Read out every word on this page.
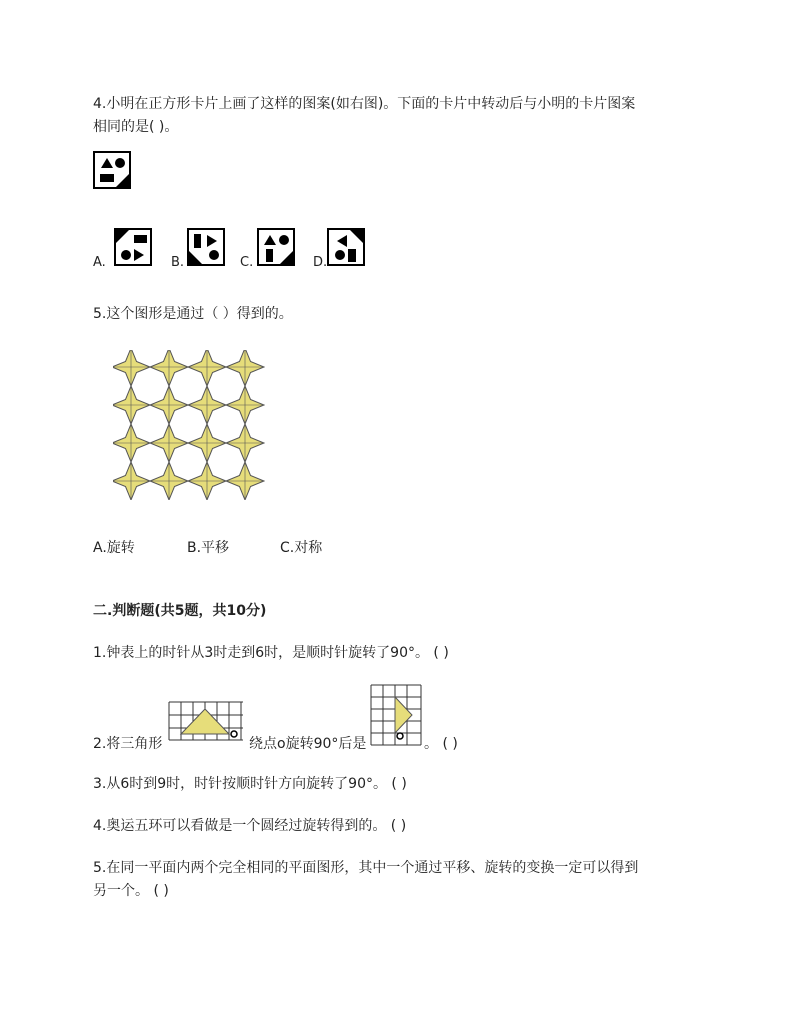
4.小明在正方形卡片上画了这样的图案(如右图)。下面的卡片中转动后与小明的卡片图案
相同的是( )。
A.	B.	C.	D.
5.这个图形是通过（ ）得到的。
A.旋转	B.平移	C.对称
二.判断题(共5题，共10分)
1.钟表上的时针从3时走到6时，是顺时针旋转了90°。 ( )
2.将三角形	绕点o旋转90°后是	。 ( )
3.从6时到9时，时针按顺时针方向旋转了90°。 ( )
4.奥运五环可以看做是一个圆经过旋转得到的。 ( )
5.在同一平面内两个完全相同的平面图形，其中一个通过平移、旋转的变换一定可以得到
另一个。 ( )
